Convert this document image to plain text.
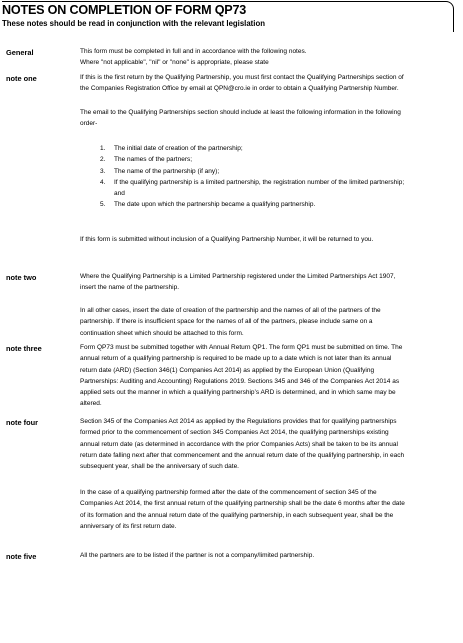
NOTES ON COMPLETION OF FORM QP73

These notes should be read in conjunction with the relevant legislation

General	This form must be completed in full and in accordance with the following notes.
Where "not applicable", "nil" or "none" is appropriate, please state
note one	If this is the first return by the Qualifying Partnership, you must first contact the Qualifying Partnerships section of
the Companies Registration Office by email at QPN@cro.ie in order to obtain a Qualifying Partnership Number.
The email to the Qualifying Partnerships section should include at least the following information in the following
order-
1. The initial date of creation of the partnership;
2. The names of the partners;
3. The name of the partnership (if any);
4. If the qualifying partnership is a limited partnership, the registration number of the limited partnership;
and
5. The date upon which the partnership became a qualifying partnership.
If this form is submitted without inclusion of a Qualifying Partnership Number, it will be returned to you.
note two	Where the Qualifying Partnership is a Limited Partnership registered under the Limited Partnerships Act 1907,
insert the name of the partnership.
In all other cases, insert the date of creation of the partnership and the names of all of the partners of the
partnership. If there is insufficient space for the names of all of the partners, please include same on a
continuation sheet which should be attached to this form.
note three	Form QP73 must be submitted together with Annual Return QP1. The form QP1 must be submitted on time. The
annual return of a qualifying partnership is required to be made up to a date which is not later than its annual
return date (ARD) (Section 346(1) Companies Act 2014) as applied by the European Union (Qualifying
Partnerships: Auditing and Accounting) Regulations 2019. Sections 345 and 346 of the Companies Act 2014 as
applied sets out the manner in which a qualifying partnership’s ARD is determined, and in which same may be
altered.
note four	Section 345 of the Companies Act 2014 as applied by the Regulations provides that for qualifying partnerships
formed prior to the commencement of section 345 Companies Act 2014, the qualifying partnerships existing
annual return date (as determined in accordance with the prior Companies Acts) shall be taken to be its annual
return date falling next after that commencement and the annual return date of the qualifying partnership, in each
subsequent year, shall be the anniversary of such date.
In the case of a qualifying partnership formed after the date of the commencement of section 345 of the
Companies Act 2014, the first annual return of the qualifying partnership shall be the date 6 months after the date
of its formation and the annual return date of the qualifying partnership, in each subsequent year, shall be the
anniversary of its first return date.
note five	All the partners are to be listed if the partner is not a company/limited partnership.
